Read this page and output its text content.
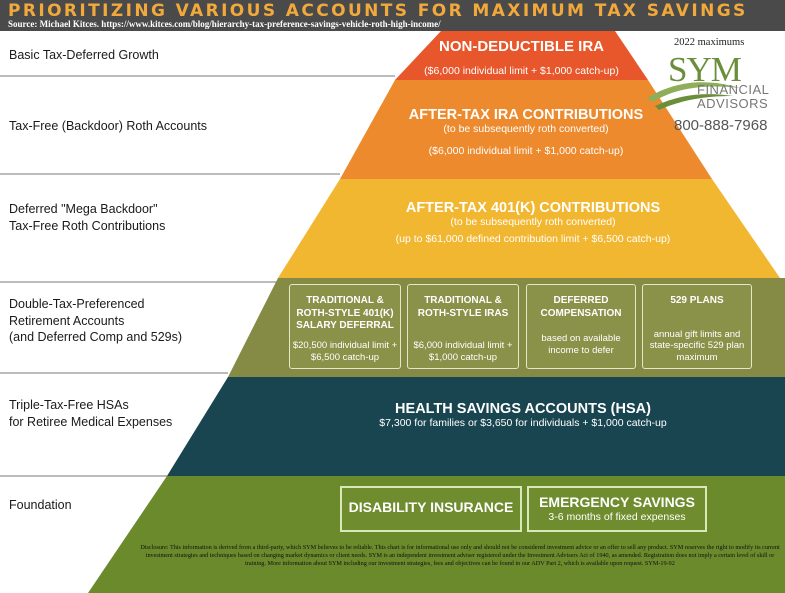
PRIORITIZING VARIOUS ACCOUNTS FOR MAXIMUM TAX SAVINGS
Source: Michael Kitces. https://www.kitces.com/blog/hierarchy-tax-preference-savings-vehicle-roth-high-income/
Basic Tax-Deferred Growth
Tax-Free (Backdoor) Roth Accounts
Deferred "Mega Backdoor"
Tax-Free Roth Contributions
Double-Tax-Preferenced
Retirement Accounts
(and Deferred Comp and 529s)
Triple-Tax-Free HSAs
for Retiree Medical Expenses
Foundation
NON-DEDUCTIBLE IRA
($6,000 individual limit + $1,000 catch-up)
AFTER-TAX IRA CONTRIBUTIONS
(to be subsequently roth converted)
($6,000 individual limit + $1,000 catch-up)
AFTER-TAX 401(K) CONTRIBUTIONS
(to be subsequently roth converted)
(up to $61,000 defined contribution limit + $6,500 catch-up)
TRADITIONAL & ROTH-STYLE 401(K) SALARY DEFERRAL
$20,500 individual limit + $6,500 catch-up
TRADITIONAL & ROTH-STYLE IRAS
$6,000 individual limit + $1,000 catch-up
DEFERRED COMPENSATION
based on available income to defer
529 PLANS
annual gift limits and state-specific 529 plan maximum
HEALTH SAVINGS ACCOUNTS (HSA)
$7,300 for families or $3,650 for individuals + $1,000 catch-up
DISABILITY INSURANCE	EMERGENCY SAVINGS
3-6 months of fixed expenses
Disclosure: This information is derived from a third-party, which SYM believes to be reliable. This chart is for informational use only and should not be considered investment advice or an offer to sell any product. SYM reserves the right to modify its current investment strategies and techniques based on changing market dynamics or client needs. SYM is an independent investment adviser registered under the Investment Advisers Act of 1940, as amended. Registration does not imply a certain level of skill or training. More information about SYM including our investment strategies, fees and objectives can be found in our ADV Part 2, which is available upon request. SYM-19-92
2022 maximums
SYM
FINANCIAL
ADVISORS
800-888-7968
